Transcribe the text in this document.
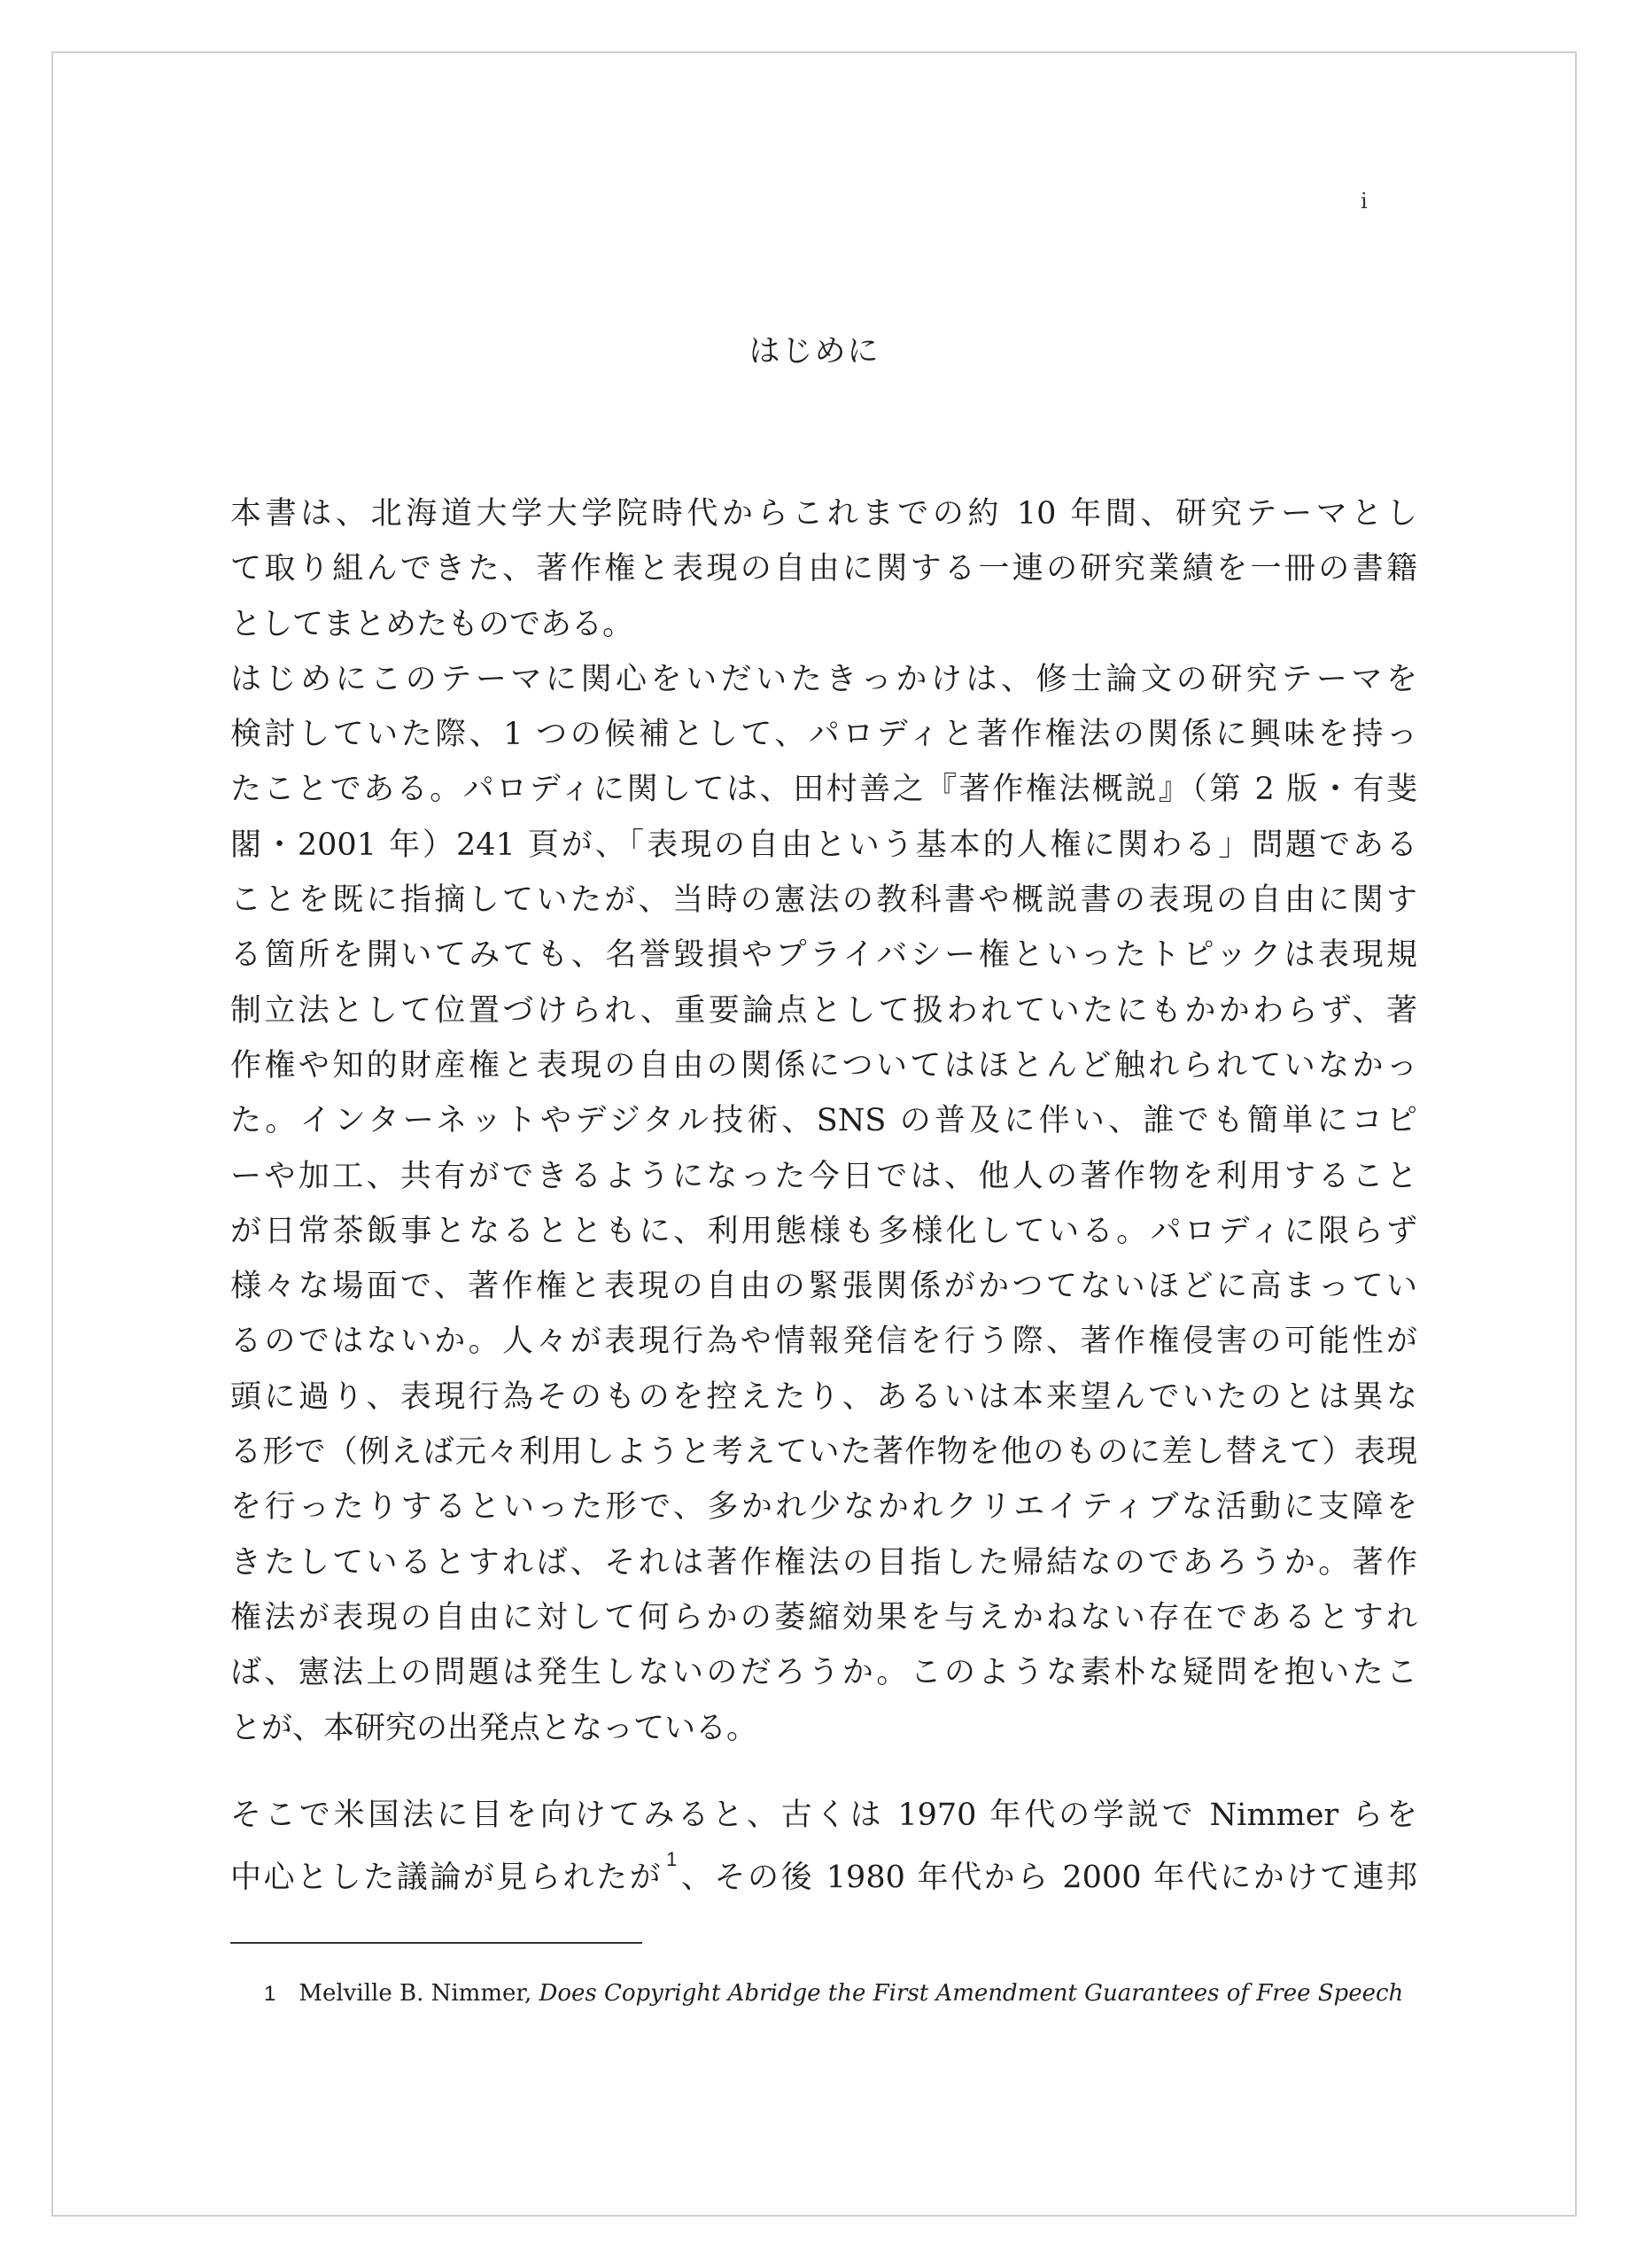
i
はじめに
本書は、北海道大学大学院時代からこれまでの約 10 年間、研究テーマとし
て取り組んできた、著作権と表現の自由に関する一連の研究業績を一冊の書籍
としてまとめたものである。
はじめにこのテーマに関心をいだいたきっかけは、修士論文の研究テーマを
検討していた際、1 つの候補として、パロディと著作権法の関係に興味を持っ
たことである。パロディに関しては、田村善之『著作権法概説』（第 2 版・有斐
閣・2001 年）241 頁が、「表現の自由という基本的人権に関わる」問題である
ことを既に指摘していたが、当時の憲法の教科書や概説書の表現の自由に関す
る箇所を開いてみても、名誉毀損やプライバシー権といったトピックは表現規
制立法として位置づけられ、重要論点として扱われていたにもかかわらず、著
作権や知的財産権と表現の自由の関係についてはほとんど触れられていなかっ
た。インターネットやデジタル技術、SNS の普及に伴い、誰でも簡単にコピ
ーや加工、共有ができるようになった今日では、他人の著作物を利用すること
が日常茶飯事となるとともに、利用態様も多様化している。パロディに限らず
様々な場面で、著作権と表現の自由の緊張関係がかつてないほどに高まってい
るのではないか。人々が表現行為や情報発信を行う際、著作権侵害の可能性が
頭に過り、表現行為そのものを控えたり、あるいは本来望んでいたのとは異な
る形で（例えば元々利用しようと考えていた著作物を他のものに差し替えて）表現
を行ったりするといった形で、多かれ少なかれクリエイティブな活動に支障を
きたしているとすれば、それは著作権法の目指した帰結なのであろうか。著作
権法が表現の自由に対して何らかの萎縮効果を与えかねない存在であるとすれ
ば、憲法上の問題は発生しないのだろうか。このような素朴な疑問を抱いたこ
とが、本研究の出発点となっている。
そこで米国法に目を向けてみると、古くは 1970 年代の学説で Nimmer らを
中心とした議論が見られたが$^1$、その後 1980 年代から 2000 年代にかけて連邦
1 Melville B. Nimmer, Does Copyright Abridge the First Amendment Guarantees of Free Speech
